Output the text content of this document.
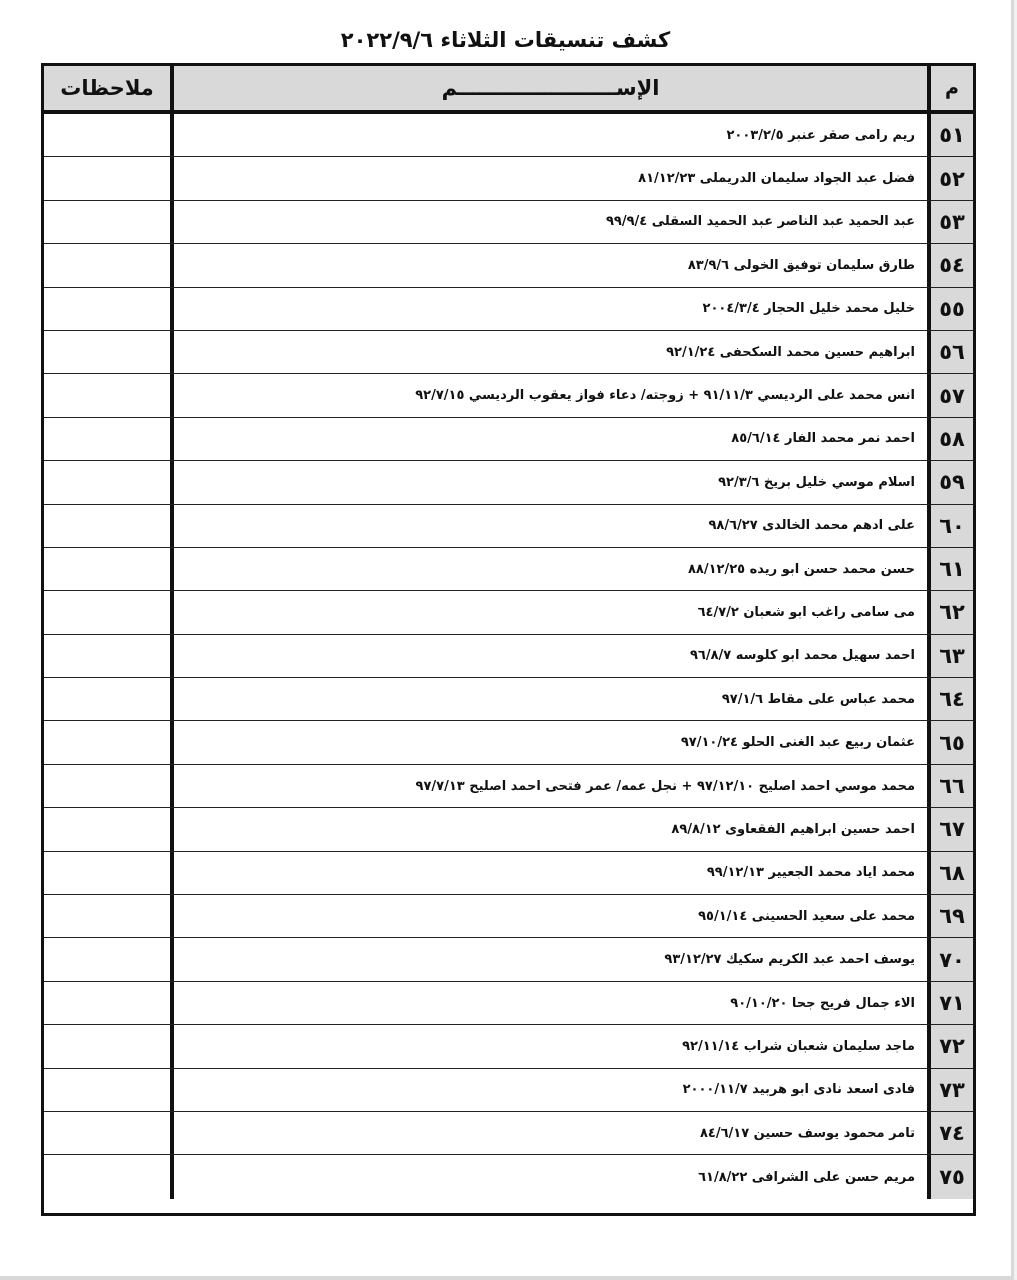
كشف تنسيقات الثلاثاء ٢٠٢٢/٩/٦
م
الإســــــــــــــــــــــم
ملاحظات
٥١
ريم رامى صقر عنبر ٢٠٠٣/٢/٥
٥٢
فضل عبد الجواد سليمان الدريملى ٨١/١٢/٢٣
٥٣
عبد الحميد عبد الناصر عبد الحميد السقلى ٩٩/٩/٤
٥٤
طارق سليمان توفيق الخولى ٨٣/٩/٦
٥٥
خليل محمد خليل الحجار ٢٠٠٤/٣/٤
٥٦
ابراهيم حسين محمد السكحفى ٩٢/١/٢٤
٥٧
انس محمد على الرديسي ٩١/١١/٣ + زوجته/ دعاء فواز يعقوب الرديسي ٩٢/٧/١٥
٥٨
احمد نمر محمد الفار ٨٥/٦/١٤
٥٩
اسلام موسي خليل بريخ ٩٢/٣/٦
٦٠
على ادهم محمد الخالدى ٩٨/٦/٢٧
٦١
حسن محمد حسن ابو ريده ٨٨/١٢/٢٥
٦٢
مى سامى راغب ابو شعبان ٦٤/٧/٢
٦٣
احمد سهيل محمد ابو كلوسه ٩٦/٨/٧
٦٤
محمد عباس على مقاط ٩٧/١/٦
٦٥
عثمان ربيع عبد الغنى الحلو ٩٧/١٠/٢٤
٦٦
محمد موسي احمد اصليح ٩٧/١٢/١٠ + نجل عمه/ عمر فتحى احمد اصليح ٩٧/٧/١٣
٦٧
احمد حسين ابراهيم الفقعاوى ٨٩/٨/١٢
٦٨
محمد اياد محمد الجعيير ٩٩/١٢/١٣
٦٩
محمد على سعيد الحسينى ٩٥/١/١٤
٧٠
يوسف احمد عبد الكريم سكيك ٩٣/١٢/٢٧
٧١
الاء جمال فريح جحا ٩٠/١٠/٢٠
٧٢
ماجد سليمان شعبان شراب ٩٢/١١/١٤
٧٣
فادى اسعد نادى ابو هربيد ٢٠٠٠/١١/٧
٧٤
تامر محمود يوسف حسين ٨٤/٦/١٧
٧٥
مريم حسن على الشرافى ٦١/٨/٢٢
